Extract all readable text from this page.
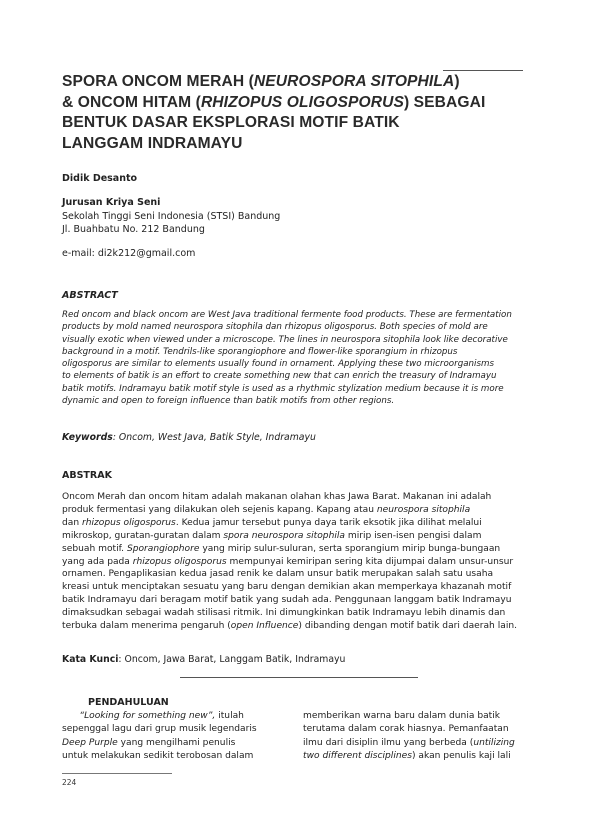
SPORA ONCOM MERAH (NEUROSPORA SITOPHILA)
& ONCOM HITAM (RHIZOPUS OLIGOSPORUS) SEBAGAI
BENTUK DASAR EKSPLORASI MOTIF BATIK
LANGGAM INDRAMAYU
Didik Desanto
Jurusan Kriya Seni
Sekolah Tinggi Seni Indonesia (STSI) Bandung
Jl. Buahbatu No. 212 Bandung
e-mail: di2k212@gmail.com
ABSTRACT
Red oncom and black oncom are West Java traditional fermente food products. These are fermentation
products by mold named neurospora sitophila dan rhizopus oligosporus. Both species of mold are
visually exotic when viewed under a microscope. The lines in neurospora sitophila look like decorative
background in a motif. Tendrils-like sporangiophore and flower-like sporangium in rhizopus
oligosporus are similar to elements usually found in ornament. Applying these two microorganisms
to elements of batik is an effort to create something new that can enrich the treasury of Indramayu
batik motifs. Indramayu batik motif style is used as a rhythmic stylization medium because it is more
dynamic and open to foreign influence than batik motifs from other regions.
Keywords: Oncom, West Java, Batik Style, Indramayu
ABSTRAK
Oncom Merah dan oncom hitam adalah makanan olahan khas Jawa Barat. Makanan ini adalah
produk fermentasi yang dilakukan oleh sejenis kapang. Kapang atau neurospora sitophila
dan rhizopus oligosporus. Kedua jamur tersebut punya daya tarik eksotik jika dilihat melalui
mikroskop, guratan-guratan dalam spora neurospora sitophila mirip isen-isen pengisi dalam
sebuah motif. Sporangiophore yang mirip sulur-suluran, serta sporangium mirip bunga-bungaan
yang ada pada rhizopus oligosporus mempunyai kemiripan sering kita dijumpai dalam unsur-unsur
ornamen. Pengaplikasian kedua jasad renik ke dalam unsur batik merupakan salah satu usaha
kreasi untuk menciptakan sesuatu yang baru dengan demikian akan memperkaya khazanah motif
batik Indramayu dari beragam motif batik yang sudah ada. Penggunaan langgam batik Indramayu
dimaksudkan sebagai wadah stilisasi ritmik. Ini dimungkinkan batik Indramayu lebih dinamis dan
terbuka dalam menerima pengaruh (open Influence) dibanding dengan motif batik dari daerah lain.
Kata Kunci: Oncom, Jawa Barat, Langgam Batik, Indramayu
PENDAHULUAN
“Looking for something new”, itulah
sepenggal lagu dari grup musik legendaris
Deep Purple yang mengilhami penulis
untuk melakukan sedikit terobosan dalam
memberikan warna baru dalam dunia batik
terutama dalam corak hiasnya. Pemanfaatan
ilmu dari disiplin ilmu yang berbeda (untilizing
two different disciplines) akan penulis kaji lali
224
